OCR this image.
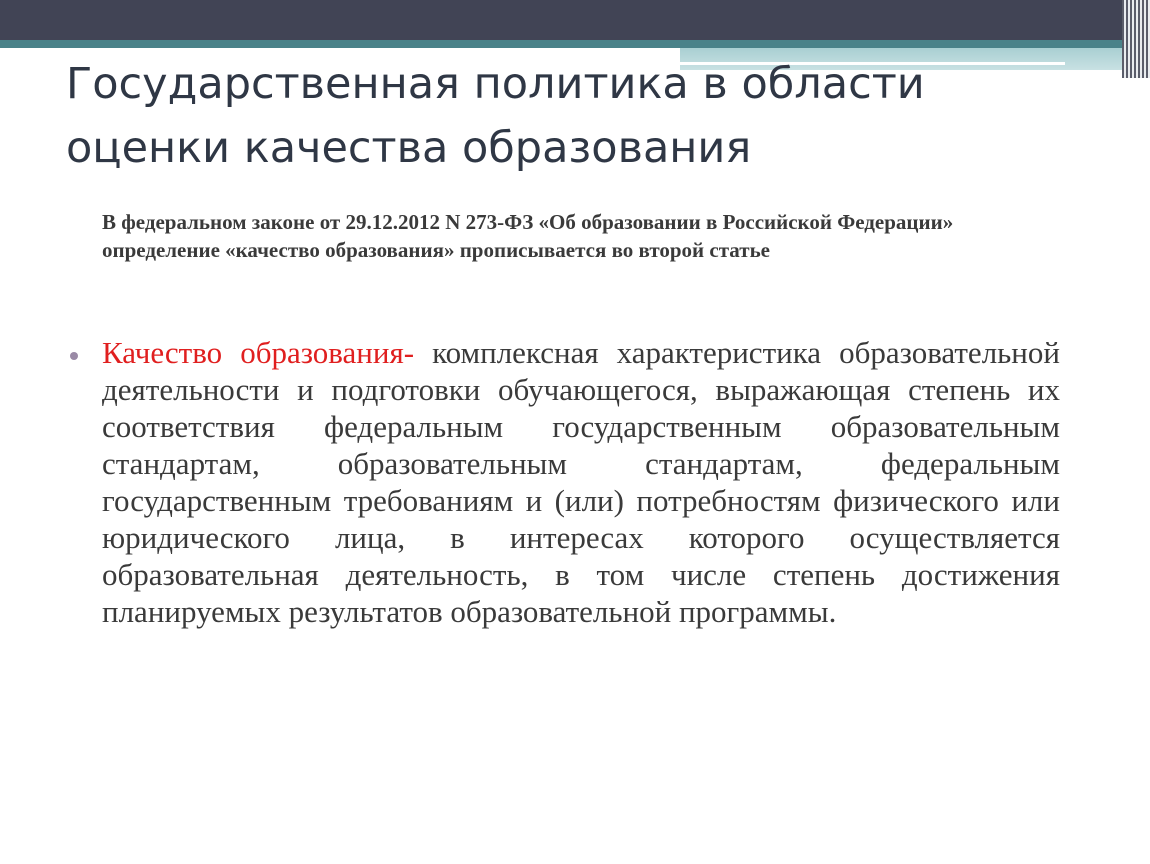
Государственная политика в области оценки качества образования

В федеральном законе от 29.12.2012 N 273-ФЗ «Об образовании в Российской Федерации» определение «качество образования» прописывается во второй статье

Качество образования- комплексная характеристика образовательной деятельности и подготовки обучающегося, выражающая степень их соответствия федеральным государственным образовательным стандартам, образовательным стандартам, федеральным государственным требованиям и (или) потребностям физического или юридического лица, в интересах которого осуществляется образовательная деятельность, в том числе степень достижения планируемых результатов образовательной программы.
